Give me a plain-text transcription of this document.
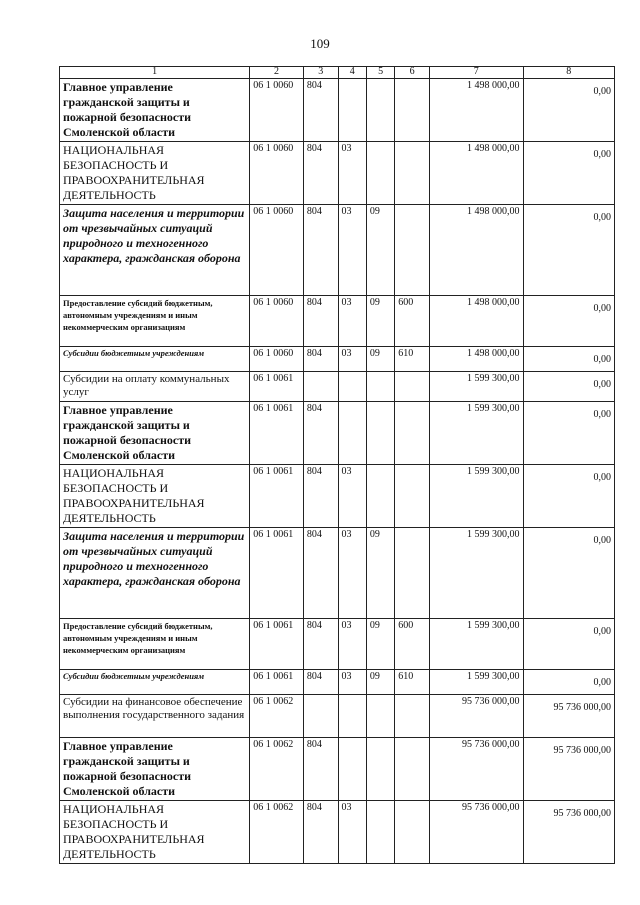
109
1	2	3	4	5	6	7	8
Главное управление гражданской защиты и пожарной безопасности Смоленской области	06 1 0060	804				1 498 000,00	0,00
НАЦИОНАЛЬНАЯ БЕЗОПАСНОСТЬ И ПРАВООХРАНИТЕЛЬНАЯ ДЕЯТЕЛЬНОСТЬ	06 1 0060	804	03			1 498 000,00	0,00
Защита населения и территории от чрезвычайных ситуаций природного и техногенного характера, гражданская оборона	06 1 0060	804	03	09		1 498 000,00	0,00
Предоставление субсидий бюджетным, автономным учреждениям и иным некоммерческим организациям	06 1 0060	804	03	09	600	1 498 000,00	0,00
Субсидии бюджетным учреждениям	06 1 0060	804	03	09	610	1 498 000,00	0,00
Субсидии на оплату коммунальных услуг	06 1 0061					1 599 300,00	0,00
Главное управление гражданской защиты и пожарной безопасности Смоленской области	06 1 0061	804				1 599 300,00	0,00
НАЦИОНАЛЬНАЯ БЕЗОПАСНОСТЬ И ПРАВООХРАНИТЕЛЬНАЯ ДЕЯТЕЛЬНОСТЬ	06 1 0061	804	03			1 599 300,00	0,00
Защита населения и территории от чрезвычайных ситуаций природного и техногенного характера, гражданская оборона	06 1 0061	804	03	09		1 599 300,00	0,00
Предоставление субсидий бюджетным, автономным учреждениям и иным некоммерческим организациям	06 1 0061	804	03	09	600	1 599 300,00	0,00
Субсидии бюджетным учреждениям	06 1 0061	804	03	09	610	1 599 300,00	0,00
Субсидии на финансовое обеспечение выполнения государственного задания	06 1 0062					95 736 000,00	95 736 000,00
Главное управление гражданской защиты и пожарной безопасности Смоленской области	06 1 0062	804				95 736 000,00	95 736 000,00
НАЦИОНАЛЬНАЯ БЕЗОПАСНОСТЬ И ПРАВООХРАНИТЕЛЬНАЯ ДЕЯТЕЛЬНОСТЬ	06 1 0062	804	03			95 736 000,00	95 736 000,00
